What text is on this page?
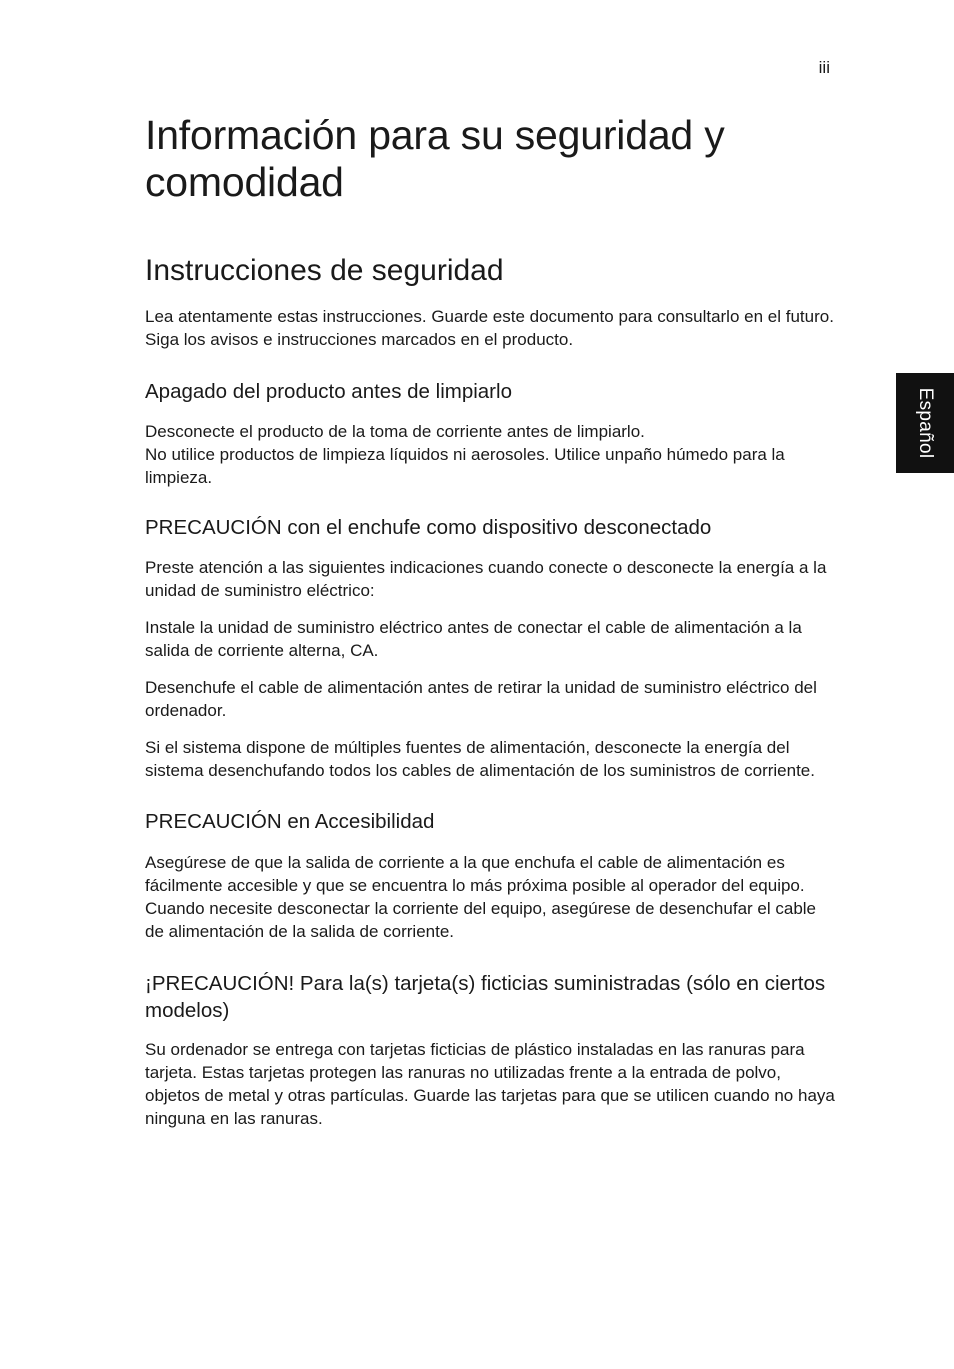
iii
Español
Información para su seguridad y comodidad
Instrucciones de seguridad

Lea atentamente estas instrucciones. Guarde este documento para consultarlo en el futuro. Siga los avisos e instrucciones marcados en el producto.

Apagado del producto antes de limpiarlo

Desconecte el producto de la toma de corriente antes de limpiarlo.

No utilice productos de limpieza líquidos ni aerosoles. Utilice unpaño húmedo para la limpieza.

PRECAUCIÓN con el enchufe como dispositivo desconectado

Preste atención a las siguientes indicaciones cuando conecte o desconecte la energía a la unidad de suministro eléctrico:

Instale la unidad de suministro eléctrico antes de conectar el cable de alimentación a la salida de corriente alterna, CA.

Desenchufe el cable de alimentación antes de retirar la unidad de suministro eléctrico del ordenador.

Si el sistema dispone de múltiples fuentes de alimentación, desconecte la energía del sistema desenchufando todos los cables de alimentación de los suministros de corriente.

PRECAUCIÓN en Accesibilidad

Asegúrese de que la salida de corriente a la que enchufa el cable de alimentación es fácilmente accesible y que se encuentra lo más próxima posible al operador del equipo. Cuando necesite desconectar la corriente del equipo, asegúrese de desenchufar el cable de alimentación de la salida de corriente.

¡PRECAUCIÓN! Para la(s) tarjeta(s) ficticias suministradas (sólo en ciertos modelos)

Su ordenador se entrega con tarjetas ficticias de plástico instaladas en las ranuras para tarjeta. Estas tarjetas protegen las ranuras no utilizadas frente a la entrada de polvo, objetos de metal y otras partículas. Guarde las tarjetas para que se utilicen cuando no haya ninguna en las ranuras.
